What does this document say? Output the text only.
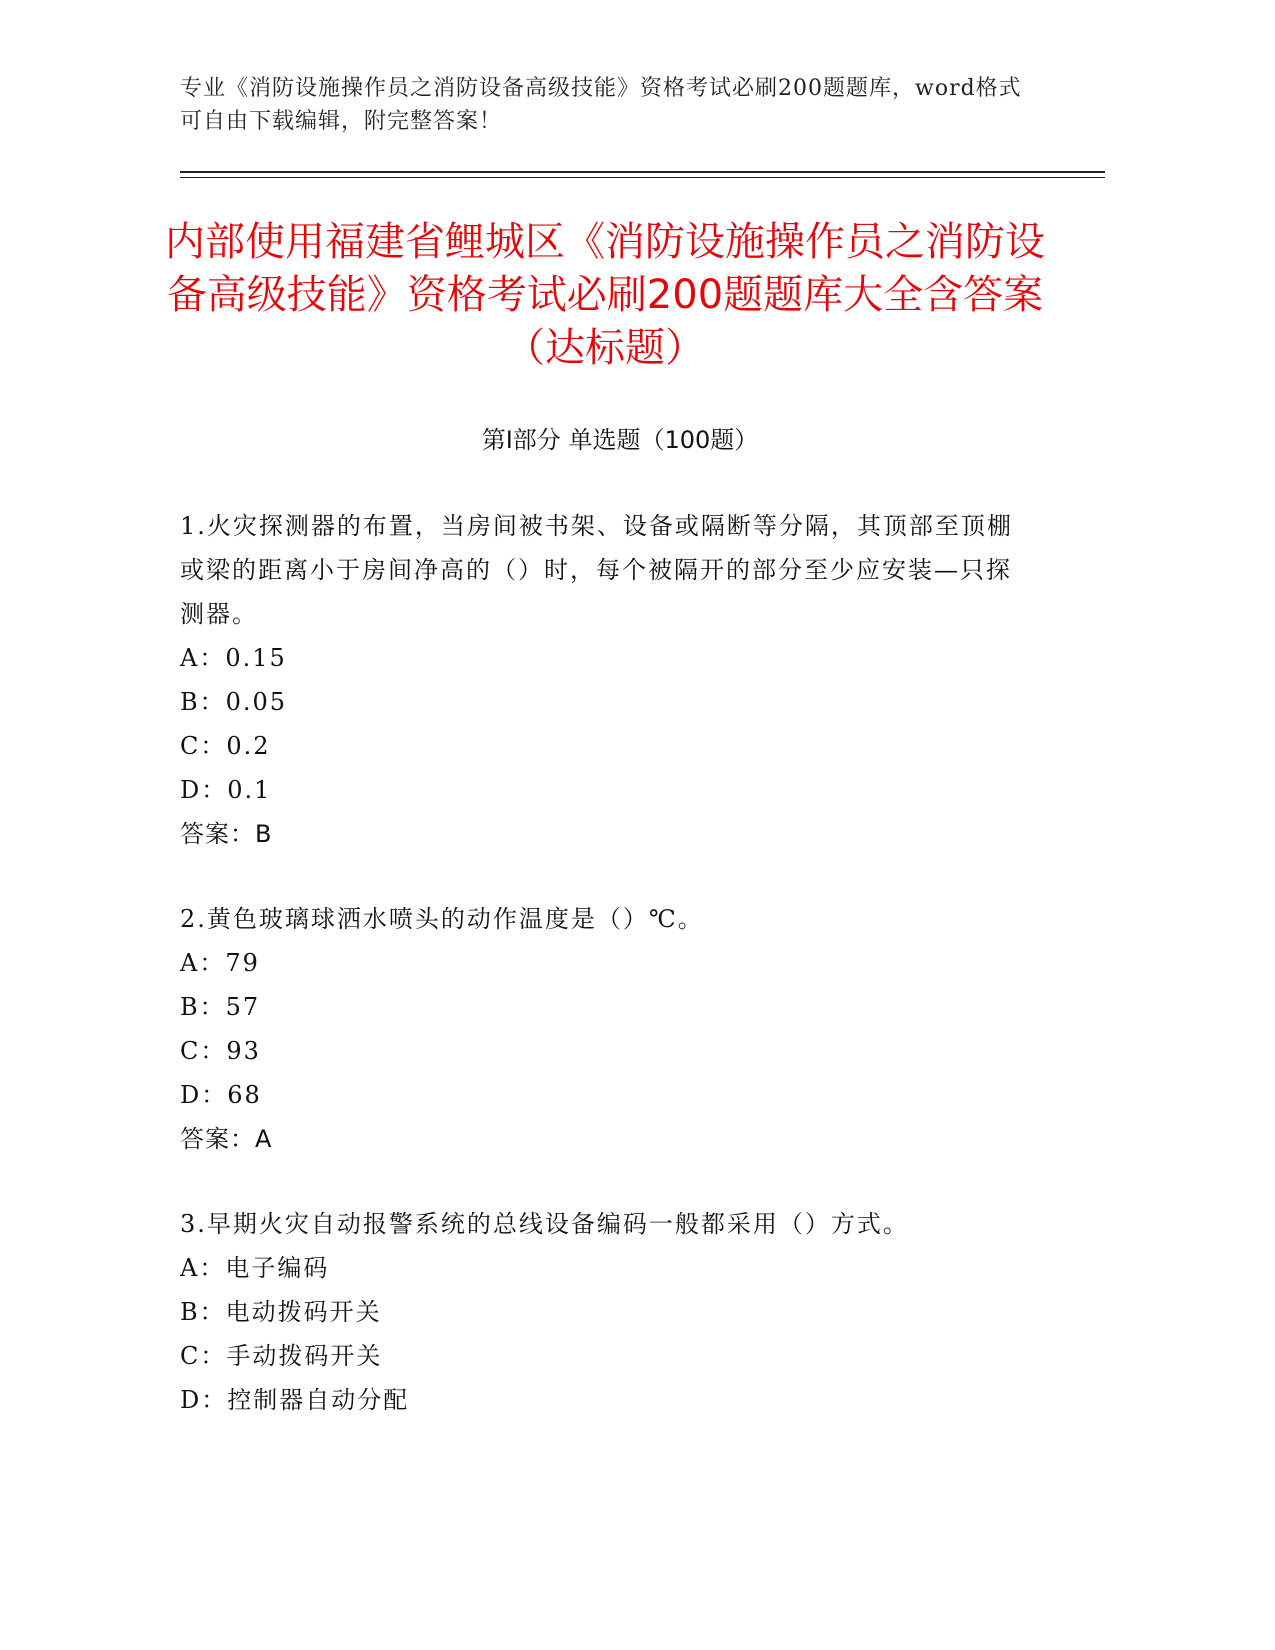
专业《消防设施操作员之消防设备高级技能》资格考试必刷200题题库，word格式可自由下载编辑，附完整答案！
内部使用福建省鲤城区《消防设施操作员之消防设备高级技能》资格考试必刷200题题库大全含答案（达标题）
第Ⅰ部分 单选题（100题）
1.火灾探测器的布置，当房间被书架、设备或隔断等分隔，其顶部至顶棚或梁的距离小于房间净高的（）时，每个被隔开的部分至少应安装—只探测器。
A：0.15
B：0.05
C：0.2
D：0.1
答案：B
2.黄色玻璃球洒水喷头的动作温度是（）℃。
A：79
B：57
C：93
D：68
答案：A
3.早期火灾自动报警系统的总线设备编码一般都采用（）方式。
A：电子编码
B：电动拨码开关
C：手动拨码开关
D：控制器自动分配
